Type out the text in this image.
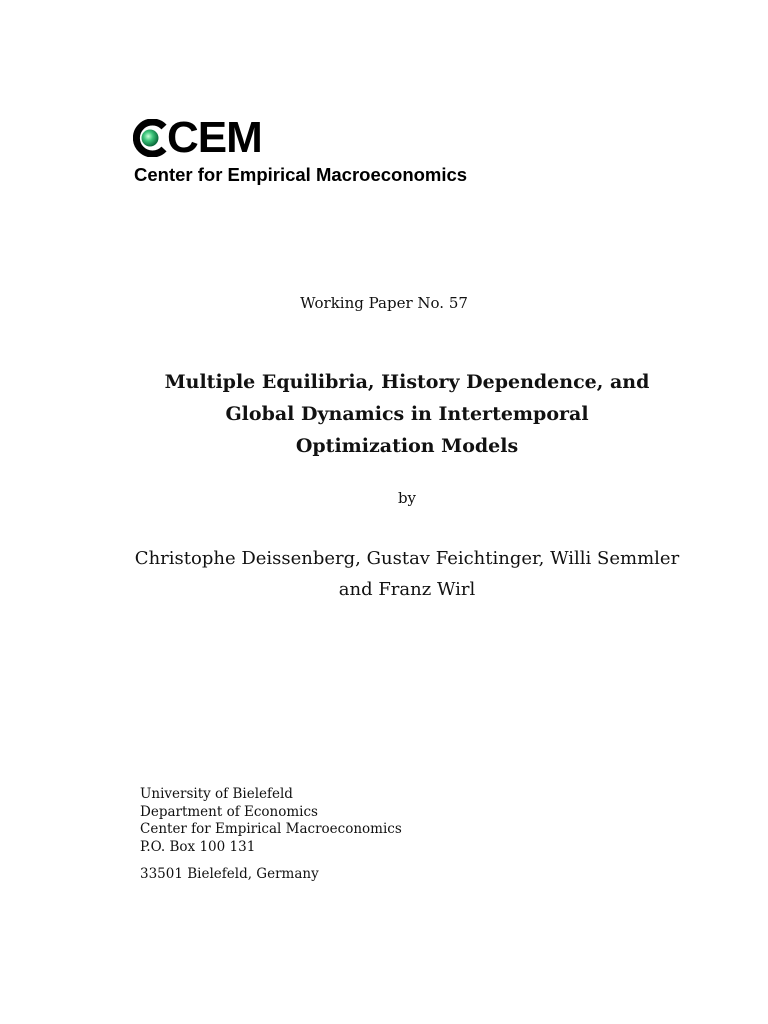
CEM
Center for Empirical Macroeconomics
Working Paper No. 57
Multiple Equilibria, History Dependence, and
Global Dynamics in Intertemporal
Optimization Models
by
Christophe Deissenberg, Gustav Feichtinger, Willi Semmler
and Franz Wirl
University of Bielefeld
Department of Economics
Center for Empirical Macroeconomics
P.O. Box 100 131
33501 Bielefeld, Germany
